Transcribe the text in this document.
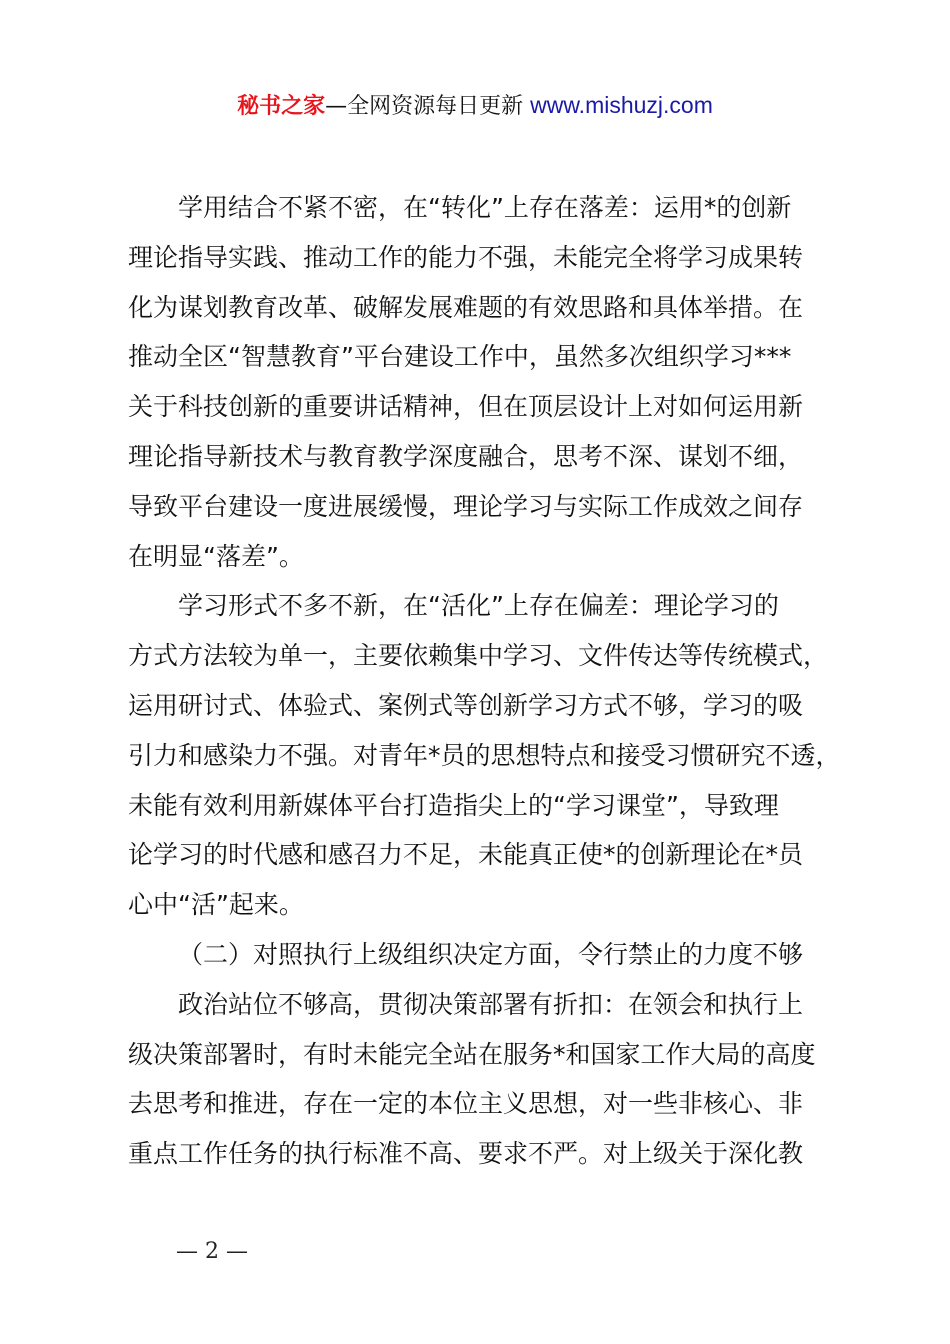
秘书之家—全网资源每日更新 www.mishuzj.com

学用结合不紧不密，在“转化”上存在落差：运用*的创新
理论指导实践、推动工作的能力不强，未能完全将学习成果转
化为谋划教育改革、破解发展难题的有效思路和具体举措。在
推动全区“智慧教育”平台建设工作中，虽然多次组织学习***
关于科技创新的重要讲话精神，但在顶层设计上对如何运用新
理论指导新技术与教育教学深度融合，思考不深、谋划不细，
导致平台建设一度进展缓慢，理论学习与实际工作成效之间存
在明显“落差”。

学习形式不多不新，在“活化”上存在偏差：理论学习的
方式方法较为单一，主要依赖集中学习、文件传达等传统模式，
运用研讨式、体验式、案例式等创新学习方式不够，学习的吸
引力和感染力不强。对青年*员的思想特点和接受习惯研究不透，
未能有效利用新媒体平台打造指尖上的“学习课堂”，导致理
论学习的时代感和感召力不足，未能真正使*的创新理论在*员
心中“活”起来。

（二）对照执行上级组织决定方面，令行禁止的力度不够

政治站位不够高，贯彻决策部署有折扣：在领会和执行上
级决策部署时，有时未能完全站在服务*和国家工作大局的高度
去思考和推进，存在一定的本位主义思想，对一些非核心、非
重点工作任务的执行标准不高、要求不严。对上级关于深化教

— 2 —
